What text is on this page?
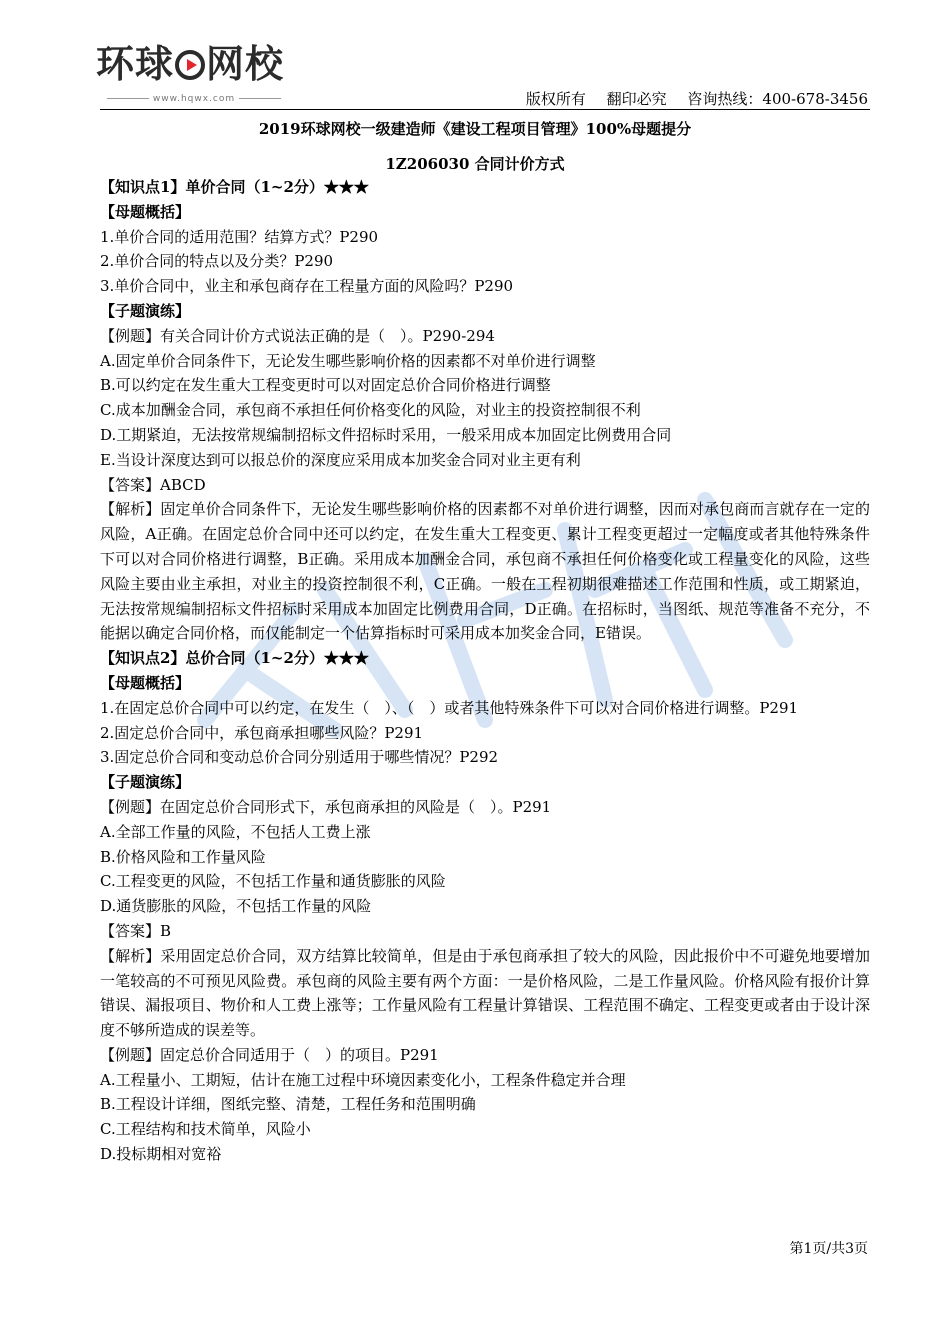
环球 网校
www.hqwx.com	版权所有 翻印必究 咨询热线：400-678-3456
2019环球网校一级建造师《建设工程项目管理》100%母题提分
1Z206030 合同计价方式

【知识点1】单价合同（1~2分）★★★

【母题概括】

1.单价合同的适用范围？结算方式？P290

2.单价合同的特点以及分类？P290

3.单价合同中，业主和承包商存在工程量方面的风险吗？P290

【子题演练】

【例题】有关合同计价方式说法正确的是（　）。P290-294

A.固定单价合同条件下，无论发生哪些影响价格的因素都不对单价进行调整

B.可以约定在发生重大工程变更时可以对固定总价合同价格进行调整

C.成本加酬金合同，承包商不承担任何价格变化的风险，对业主的投资控制很不利

D.工期紧迫，无法按常规编制招标文件招标时采用，一般采用成本加固定比例费用合同

E.当设计深度达到可以报总价的深度应采用成本加奖金合同对业主更有利

【答案】ABCD

【解析】固定单价合同条件下，无论发生哪些影响价格的因素都不对单价进行调整，因而对承包商而言就存在一定的风险，A正确。在固定总价合同中还可以约定，在发生重大工程变更、累计工程变更超过一定幅度或者其他特殊条件下可以对合同价格进行调整，B正确。采用成本加酬金合同，承包商不承担任何价格变化或工程量变化的风险，这些风险主要由业主承担，对业主的投资控制很不利，C正确。一般在工程初期很难描述工作范围和性质，或工期紧迫，无法按常规编制招标文件招标时采用成本加固定比例费用合同，D正确。在招标时，当图纸、规范等准备不充分，不能据以确定合同价格，而仅能制定一个估算指标时可采用成本加奖金合同，E错误。

【知识点2】总价合同（1~2分）★★★

【母题概括】

1.在固定总价合同中可以约定，在发生（　）、（　）或者其他特殊条件下可以对合同价格进行调整。P291

2.固定总价合同中，承包商承担哪些风险？P291

3.固定总价合同和变动总价合同分别适用于哪些情况？P292

【子题演练】

【例题】在固定总价合同形式下，承包商承担的风险是（　）。P291

A.全部工作量的风险，不包括人工费上涨

B.价格风险和工作量风险

C.工程变更的风险，不包括工作量和通货膨胀的风险

D.通货膨胀的风险，不包括工作量的风险

【答案】B

【解析】采用固定总价合同，双方结算比较简单，但是由于承包商承担了较大的风险，因此报价中不可避免地要增加一笔较高的不可预见风险费。承包商的风险主要有两个方面：一是价格风险，二是工作量风险。价格风险有报价计算错误、漏报项目、物价和人工费上涨等；工作量风险有工程量计算错误、工程范围不确定、工程变更或者由于设计深度不够所造成的误差等。

【例题】固定总价合同适用于（　）的项目。P291

A.工程量小、工期短，估计在施工过程中环境因素变化小，工程条件稳定并合理

B.工程设计详细，图纸完整、清楚，工程任务和范围明确

C.工程结构和技术简单，风险小

D.投标期相对宽裕

第1页/共3页
